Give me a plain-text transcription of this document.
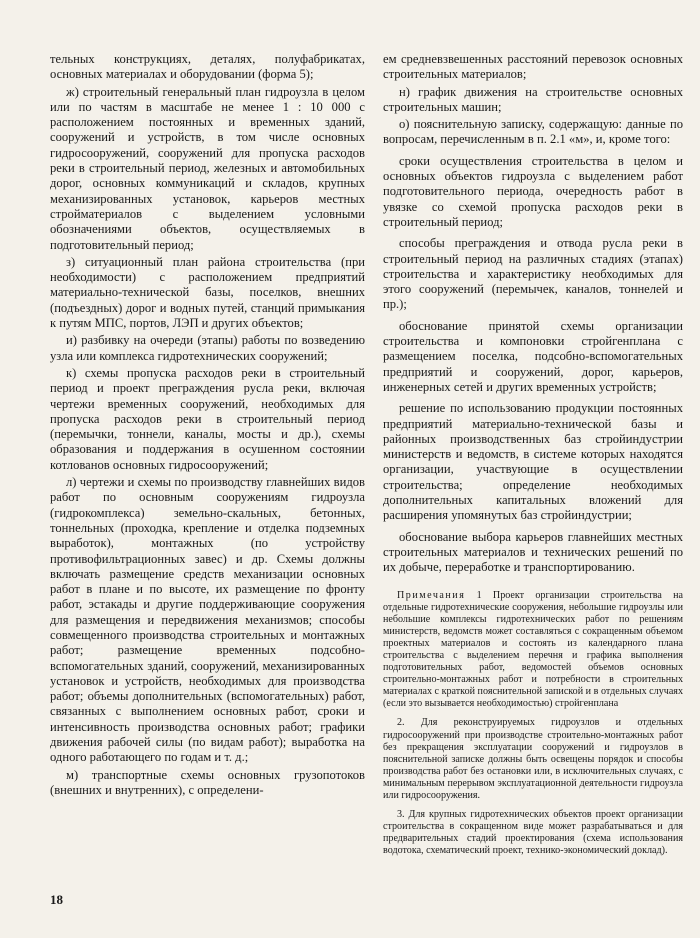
тельных конструкциях, деталях, полуфабрикатах, основных материалах и оборудовании (форма 5);

ж) строительный генеральный план гидроузла в целом или по частям в масштабе не менее 1 : 10 000 с расположением постоянных и временных зданий, сооружений и устройств, в том числе основных гидросооружений, сооружений для пропуска расходов реки в строительный период, железных и автомобильных дорог, основных коммуникаций и складов, крупных механизированных установок, карьеров местных стройматериалов с выделением условными обозначениями объектов, осуществляемых в подготовительный период;

з) ситуационный план района строительства (при необходимости) с расположением предприятий материально-технической базы, поселков, внешних (подъездных) дорог и водных путей, станций примыкания к путям МПС, портов, ЛЭП и других объектов;

и) разбивку на очереди (этапы) работы по возведению узла или комплекса гидротехнических сооружений;

к) схемы пропуска расходов реки в строительный период и проект преграждения русла реки, включая чертежи временных сооружений, необходимых для пропуска расходов реки в строительный период (перемычки, тоннели, каналы, мосты и др.), схемы образования и поддержания в осушенном состоянии котлованов основных гидросооружений;

л) чертежи и схемы по производству главнейших видов работ по основным сооружениям гидроузла (гидрокомплекса) земельно-скальных, бетонных, тоннельных (проходка, крепление и отделка подземных выработок), монтажных (по устройству противофильтрационных завес) и др. Схемы должны включать размещение средств механизации основных работ в плане и по высоте, их размещение по фронту работ, эстакады и другие поддерживающие сооружения для размещения и передвижения механизмов; способы совмещенного производства строительных и монтажных работ; размещение временных подсобно-вспомогательных зданий, сооружений, механизированных установок и устройств, необходимых для производства работ; объемы дополнительных (вспомогательных) работ, связанных с выполнением основных работ, сроки и интенсивность производства основных работ; графики движения рабочей силы (по видам работ); выработка на одного работающего по годам и т. д.;

м) транспортные схемы основных грузопотоков (внешних и внутренних), с определени-

ем средневзвешенных расстояний перевозок основных строительных материалов;

н) график движения на строительстве основных строительных машин;

о) пояснительную записку, содержащую: данные по вопросам, перечисленным в п. 2.1 «м», и, кроме того:

сроки осуществления строительства в целом и основных объектов гидроузла с выделением работ подготовительного периода, очередность работ в увязке со схемой пропуска расходов реки в строительный период;

способы преграждения и отвода русла реки в строительный период на различных стадиях (этапах) строительства и характеристику необходимых для этого сооружений (перемычек, каналов, тоннелей и пр.);

обоснование принятой схемы организации строительства и компоновки стройгенплана с размещением поселка, подсобно-вспомогательных предприятий и сооружений, дорог, карьеров, инженерных сетей и других временных устройств;

решение по использованию продукции постоянных предприятий материально-технической базы и районных производственных баз стройиндустрии министерств и ведомств, в системе которых находятся организации, участвующие в осуществлении строительства; определение необходимых дополнительных капитальных вложений для расширения упомянутых баз стройиндустрии;

обоснование выбора карьеров главнейших местных строительных материалов и технических решений по их добыче, переработке и транспортированию.

Примечания 1 Проект организации строительства на отдельные гидротехнические сооружения, небольшие гидроузлы или небольшие комплексы гидротехнических работ по решениям министерств, ведомств может составляться с сокращенным объемом проектных материалов и состоять из календарного плана строительства с выделением перечня и графика выполнения подготовительных работ, ведомостей объемов основных строительно-монтажных работ и потребности в строительных материалах с краткой пояснительной запиской и в отдельных случаях (если это вызывается необходимостью) стройгенплана

2. Для реконструируемых гидроузлов и отдельных гидросооружений при производстве строительно-монтажных работ без прекращения эксплуатации сооружений и гидроузлов в пояснительной записке должны быть освещены порядок и способы производства работ без остановки или, в исключительных случаях, с минимальным перерывом эксплуатационной деятельности гидроузла или гидросооружения.

3. Для крупных гидротехнических объектов проект организации строительства в сокращенном виде может разрабатываться и для предварительных стадий проектирования (схема использования водотока, схематический проект, технико-экономический доклад).

18
